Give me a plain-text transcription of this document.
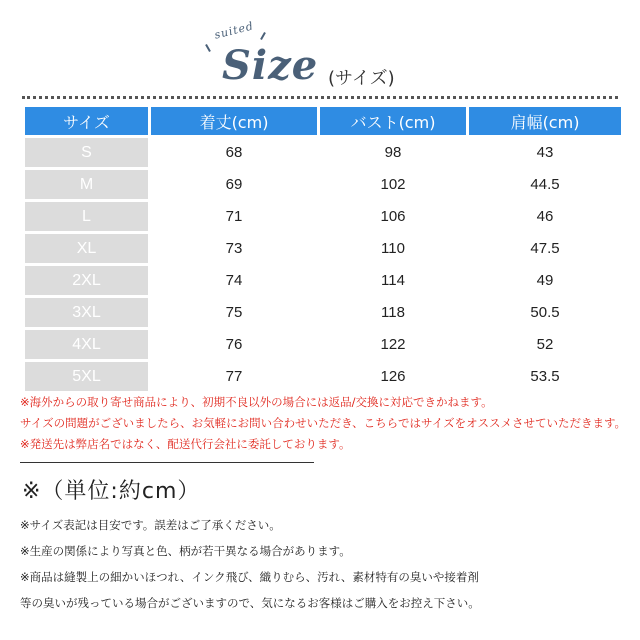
suited
Size (サイズ)
サイズ	着丈(cm)	バスト(cm)	肩幅(cm)
S	68	98	43
M	69	102	44.5
L	71	106	46
XL	73	110	47.5
2XL	74	114	49
3XL	75	118	50.5
4XL	76	122	52
5XL	77	126	53.5
※海外からの取り寄せ商品により、初期不良以外の場合には返品/交換に対応できかねます。
サイズの問題がございましたら、お気軽にお問い合わせいただき、こちらではサイズをオススメさせていただきます。
※発送先は弊店名ではなく、配送代行会社に委託しております。
※（単位:約cm）
※サイズ表記は目安です。誤差はご了承ください。
※生産の関係により写真と色、柄が若干異なる場合があります。
※商品は縫製上の細かいほつれ、インク飛び、織りむら、汚れ、素材特有の臭いや接着剤
等の臭いが残っている場合がございますので、気になるお客様はご購入をお控え下さい。
